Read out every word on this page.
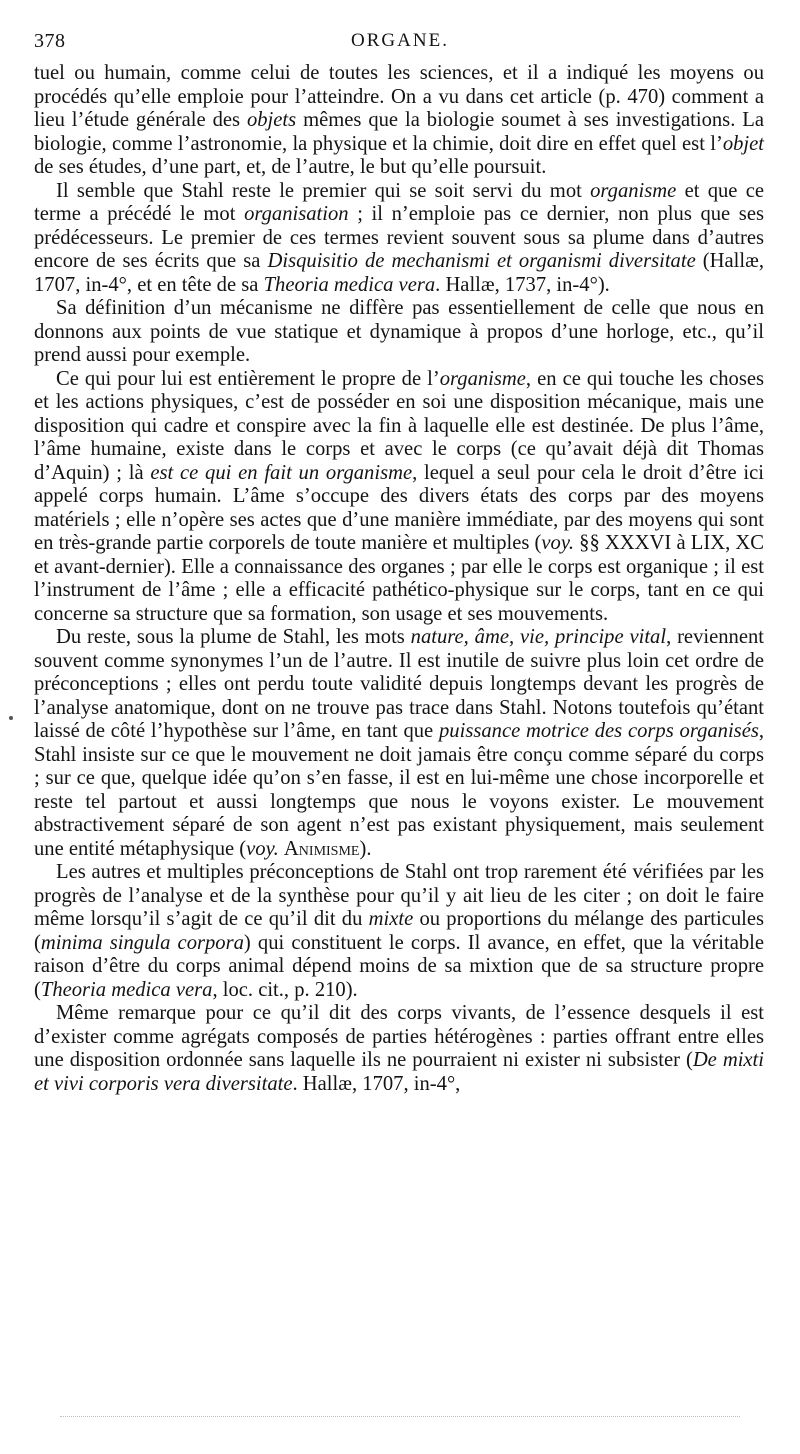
378	ORGANE.

tuel ou humain, comme celui de toutes les sciences, et il a indiqué les moyens ou procédés qu’elle emploie pour l’atteindre. On a vu dans cet article (p. 470) comment a lieu l’étude générale des objets mêmes que la biologie soumet à ses investigations. La biologie, comme l’astronomie, la physique et la chimie, doit dire en effet quel est l’objet de ses études, d’une part, et, de l’autre, le but qu’elle poursuit.

Il semble que Stahl reste le premier qui se soit servi du mot organisme et que ce terme a précédé le mot organisation ; il n’emploie pas ce dernier, non plus que ses prédécesseurs. Le premier de ces termes revient souvent sous sa plume dans d’autres encore de ses écrits que sa Disquisitio de mechanismi et organismi diversitate (Hallæ, 1707, in-4°, et en tête de sa Theoria medica vera. Hallæ, 1737, in-4°).

Sa définition d’un mécanisme ne diffère pas essentiellement de celle que nous en donnons aux points de vue statique et dynamique à propos d’une horloge, etc., qu’il prend aussi pour exemple.

Ce qui pour lui est entièrement le propre de l’organisme, en ce qui touche les choses et les actions physiques, c’est de posséder en soi une disposition mécanique, mais une disposition qui cadre et conspire avec la fin à laquelle elle est destinée. De plus l’âme, l’âme humaine, existe dans le corps et avec le corps (ce qu’avait déjà dit Thomas d’Aquin) ; là est ce qui en fait un organisme, lequel a seul pour cela le droit d’être ici appelé corps humain. L’âme s’occupe des divers états des corps par des moyens matériels ; elle n’opère ses actes que d’une manière immédiate, par des moyens qui sont en très-grande partie corporels de toute manière et multiples (voy. §§ XXXVI à LIX, XC et avant-dernier). Elle a connaissance des organes ; par elle le corps est organique ; il est l’instrument de l’âme ; elle a efficacité pathético-physique sur le corps, tant en ce qui concerne sa structure que sa formation, son usage et ses mouvements.

Du reste, sous la plume de Stahl, les mots nature, âme, vie, principe vital, reviennent souvent comme synonymes l’un de l’autre. Il est inutile de suivre plus loin cet ordre de préconceptions ; elles ont perdu toute validité depuis longtemps devant les progrès de l’analyse anatomique, dont on ne trouve pas trace dans Stahl. Notons toutefois qu’étant laissé de côté l’hypothèse sur l’âme, en tant que puissance motrice des corps organisés, Stahl insiste sur ce que le mouvement ne doit jamais être conçu comme séparé du corps ; sur ce que, quelque idée qu’on s’en fasse, il est en lui-même une chose incorporelle et reste tel partout et aussi longtemps que nous le voyons exister. Le mouvement abstractivement séparé de son agent n’est pas existant physiquement, mais seulement une entité métaphysique (voy. Animisme).

Les autres et multiples préconceptions de Stahl ont trop rarement été vérifiées par les progrès de l’analyse et de la synthèse pour qu’il y ait lieu de les citer ; on doit le faire même lorsqu’il s’agit de ce qu’il dit du mixte ou proportions du mélange des particules (minima singula corpora) qui constituent le corps. Il avance, en effet, que la véritable raison d’être du corps animal dépend moins de sa mixtion que de sa structure propre (Theoria medica vera, loc. cit., p. 210).

Même remarque pour ce qu’il dit des corps vivants, de l’essence desquels il est d’exister comme agrégats composés de parties hétérogènes : parties offrant entre elles une disposition ordonnée sans laquelle ils ne pourraient ni exister ni subsister (De mixti et vivi corporis vera diversitate. Hallæ, 1707, in-4°,
